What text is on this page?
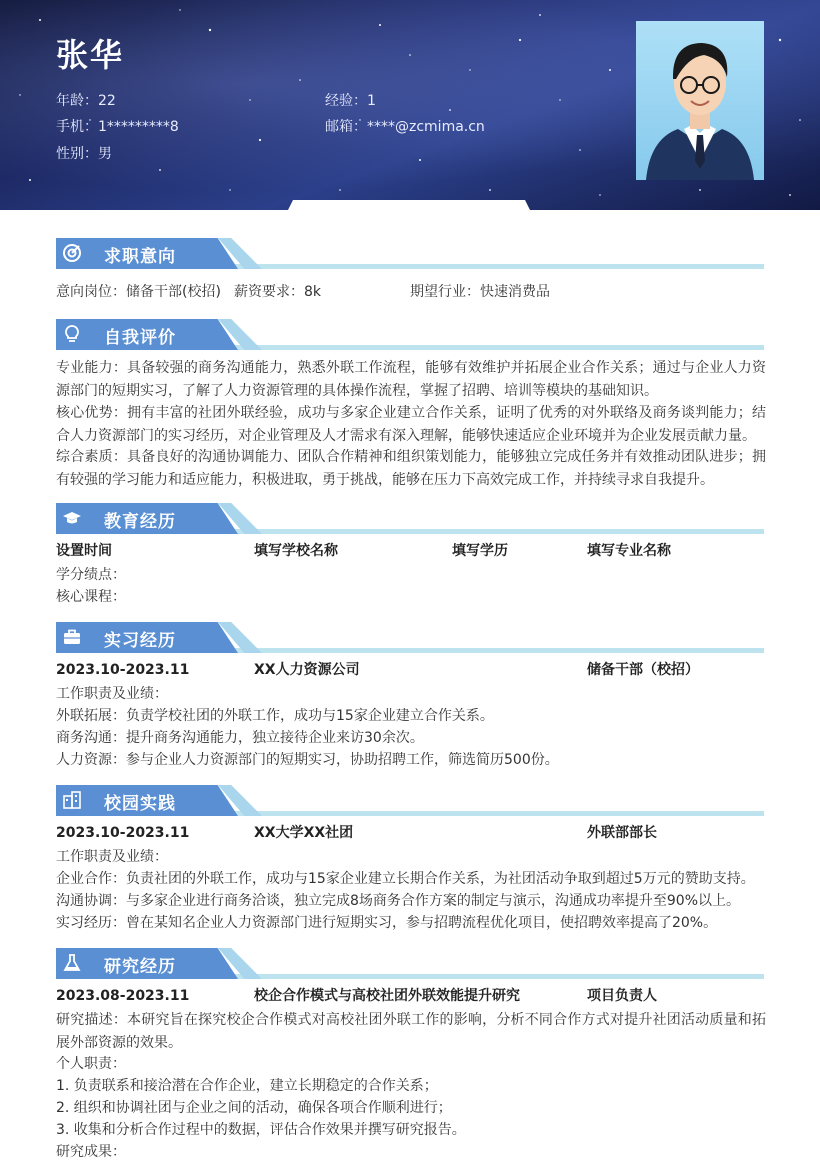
张华
年龄：22	经验：1
手机：1*********8	邮箱：****@zcmima.cn
性别：男
求职意向
意向岗位：储备干部(校招) 薪资要求：8k	期望行业：快速消费品
自我评价
专业能力：具备较强的商务沟通能力，熟悉外联工作流程，能够有效维护并拓展企业合作关系；通过与企业人力资源部门的短期实习，了解了人力资源管理的具体操作流程，掌握了招聘、培训等模块的基础知识。
核心优势：拥有丰富的社团外联经验，成功与多家企业建立合作关系，证明了优秀的对外联络及商务谈判能力；结合人力资源部门的实习经历，对企业管理及人才需求有深入理解，能够快速适应企业环境并为企业发展贡献力量。
综合素质：具备良好的沟通协调能力、团队合作精神和组织策划能力，能够独立完成任务并有效推动团队进步；拥有较强的学习能力和适应能力，积极进取，勇于挑战，能够在压力下高效完成工作，并持续寻求自我提升。
教育经历
设置时间	填写学校名称	填写学历	填写专业名称
学分绩点：
核心课程：
实习经历
2023.10-2023.11	XX人力资源公司	储备干部（校招）
工作职责及业绩：
外联拓展：负责学校社团的外联工作，成功与15家企业建立合作关系。
商务沟通：提升商务沟通能力，独立接待企业来访30余次。
人力资源：参与企业人力资源部门的短期实习，协助招聘工作，筛选简历500份。
校园实践
2023.10-2023.11	XX大学XX社团	外联部部长
工作职责及业绩：
企业合作：负责社团的外联工作，成功与15家企业建立长期合作关系，为社团活动争取到超过5万元的赞助支持。
沟通协调：与多家企业进行商务洽谈，独立完成8场商务合作方案的制定与演示，沟通成功率提升至90%以上。
实习经历：曾在某知名企业人力资源部门进行短期实习，参与招聘流程优化项目，使招聘效率提高了20%。
研究经历
2023.08-2023.11	校企合作模式与高校社团外联效能提升研究	项目负责人
研究描述：本研究旨在探究校企合作模式对高校社团外联工作的影响，分析不同合作方式对提升社团活动质量和拓展外部资源的效果。
个人职责：
1. 负责联系和接洽潜在合作企业，建立长期稳定的合作关系；
2. 组织和协调社团与企业之间的活动，确保各项合作顺利进行；
3. 收集和分析合作过程中的数据，评估合作效果并撰写研究报告。
研究成果：
